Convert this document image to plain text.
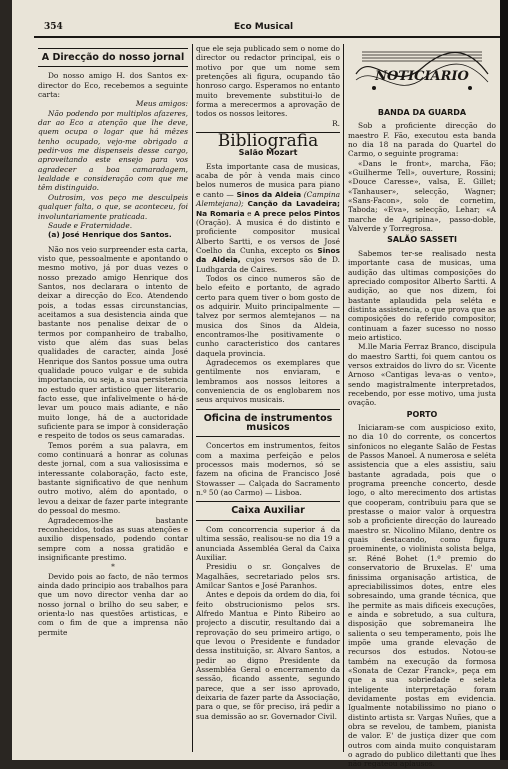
354	Eco Musical
A Direcção do nosso jornal

Do nosso amigo H. dos Santos ex-director do Eco, recebemos a seguinte carta:

Meus amigos:

Não podendo por multiplos afazeres, dar ao Eco a atenção que lhe deve, quem ocupa o logar que há mêzes tenho ocupado, vejo-me obrigado a pedir-vos me dispenseis desse cargo, aproveitando este ensejo para vos agradecer a boa camaradagem, lealdade e consideração com que me têm distinguido.

Outrosim, vos peço me desculpeis qualquer falta, o que, se aconteceu, foi involuntariamente praticada.

Saude e Fraternidade.

(a) José Henrique dos Santos.

Não nos veio surpreender esta carta, visto que, pessoalmente e apontando o mesmo motivo, já por duas vezes o nosso prezado amigo Henrique dos Santos, nos declarara o intento de deixar a direcção do Eco. Atendendo pois, a todas essas circunstancias, aceitamos a sua desistencia ainda que bastante nos penalise deixar de o termos por companheiro de trabalho, visto que além das suas belas qualidades de caracter, ainda José Henrique dos Santos possue uma outra qualidade pouco vulgar e de subida importancia, ou seja, a sua persistencia no estudo quer artistico quer literario, facto esse, que infalivelmente o há-de levar um pouco mais adiante, e não muito longe, há de a auctoridade suficiente para se impor à consideração e respeito de todos os seus camaradas.

Temos porém a sua palavra, em como continuará a honrar as colunas deste jornal, com a sua valiosissima e interessante colaboração, facto este, bastante significativo de que nenhum outro motivo, além do apontado, o levou a deixar de fazer parte integrante do pessoal do mesmo.

Agradecemos-lhe bastante reconhecidos, todas as suas atenções e auxilio dispensado, podendo contar sempre com a nossa gratidão e insignificante prestimo.

*

Devido pois ao facto, de não termos ainda dado principio aos trabalhos para que um novo director venha dar ao nosso jornal o brilho do seu saber, e orienta-lo nas questões artisticas, e com o fim de que a imprensa não permite

que ele seja publicado sem o nome do director ou redactor principal, eis o motivo por que um nome sem pretenções ali figura, ocupando tão honroso cargo. Esperamos no entanto muito brevemente substitui-lo de forma a merecermos a aprovação de todos os nossos leitores.

R.

Bibliografia
Salão Mozart

Esta importante casa de musicas, acaba de pôr à venda mais cinco belos numeros de musica para piano e canto — Sinos da Aldeia (Campina Alemtejana); Canção da Lavadeira; Na Romaria e A prece pelos Pintos (Oração). A musica é do distinto e proficiente compositor musical Alberto Sartti, e os versos de José Coelho da Cunha, excepto os Sinos da Aldeia, cujos versos são de D. Ludhgarda de Caires.

Todos os cinco numeros são de belo efeito e portanto, de agrado certo para quem tiver o bom gosto de os adquirir. Muito principalmente — talvez por sermos alemtejanos — na musica dos Sinos da Aldeia, encontramos-lhe positivamente o cunho caracteristico dos cantares daquela provincia.

Agradecemos os exemplares que gentilmente nos enviaram, e lembramos aos nossos leitores a conveniencia de os englobarem nos seus arquivos musicais.

Oficina de instrumentos musicos

Concertos em instrumentos, feitos com a maxima perfeição e pelos processos mais modernos, só se fazem na oficina de Francisco José Stowasser — Calçada do Sacramento n.º 50 (ao Carmo) — Lisboa.

Caixa Auxiliar

Com concorrencia superior á da ultima sessão, realisou-se no dia 19 a anunciada Assembléa Geral da Caixa Auxiliar.

Presidiu o sr. Gonçalves de Magalhães, secretariado pelos srs. Amilcar Santos e José Paranhos.

Antes e depois da ordem do dia, foi feito obstrucionismo pelos srs. Alfredo Mantua e Pinto Ribeiro ao projecto a discutir, resultando dai a reprovação do seu primeiro artigo, o que levou o Presidente e fundador dessa instituição, sr. Alvaro Santos, a pedir ao digno Presidente da Assembléa Geral o encerramento da sessão, ficando assente, segundo parece, que a ser isso aprovado, deixaria de fazer parte da Associação, para o que, se fôr preciso, irá pedir a sua demissão ao sr. Governador Civil.

NOTICIARIO
BANDA DA GUARDA

Sob a proficiente direcção do maestro F. Fão, executou esta banda no dia 18 na parada do Quartel do Carmo, o seguinte programa:

«Dans le front», marcha, Fão; «Guilherme Tell», ouverture, Rossini; «Douce Caresse», valsa, E. Gillet; «Tanhauser», selecção, Wagner; «Sans-Facon», solo de cornetim, Taboda; «Eva», selecção, Lehar; «A marche de Agripina», passo-doble, Valverde y Torregrosa.

SALÃO SASSETI

Sabemos ter-se realisado nesta importante casa de musicas, uma audição das ultimas composições do apreciado compositor Alberto Sartti. A audição, ao que nos dizem, foi bastante aplaudida pela seléta e distinta assistencia, o que prova que as composições do referido compositor, continuam a fazer sucesso no nosso meio artistico.

M.lle Maria Ferraz Branco, discipula do maestro Sartti, foi quem cantou os versos extraidos do livro do sr. Vicente Arnoso «Cantigas leva-as o vento», sendo magistralmente interpretados, recebendo, por esse motivo, uma justa ovação.

PORTO

Iniciaram-se com auspicioso exito, no dia 10 do corrente, os concertos sinfonicos no elegante Salão de Festas de Passos Manoel. A numerosa e seléta assistencia que a eles assistiu, saiu bastante agradada, pois que o programa preenche concerto, desde logo, o alto merecimento dos artistas que cooperam, contribuiu para que se prestasse o maior valor à orquestra sob a proficiente direcção do laureado maestro sr. Nicolino Milano, dentre os quais destacando, como figura proeminente, o violinista solista belga, sr. Réné Bohet (1.º premio do conservatorio de Bruxelas. E' uma finissima organisação artistica, de apreciabilissimos dotes, entre eles sobresaindo, uma grande técnica, que lhe permite as mais dificeis execuções, e ainda e sobretudo, a sua cultura, disposição que sobremaneira lhe salienta o seu temperamento, pois lhe impõe uma grande elevação de recursos dos estudos. Notou-se também na execução da formosa «Sonata de Cezar Franck», peça em que a sua sobriedade e seleta inteligente interpretação foram devidamente postas em evidencia. Igualmente notabilissimo no piano o distinto artista sr. Vargas Nuñes, que a obra se revelou, de tambem, pianista de valor. E' de justiça dizer que com outros com ainda muito conquistaram o agrado do publico dilettanti que lhes não regateou aplausos.
